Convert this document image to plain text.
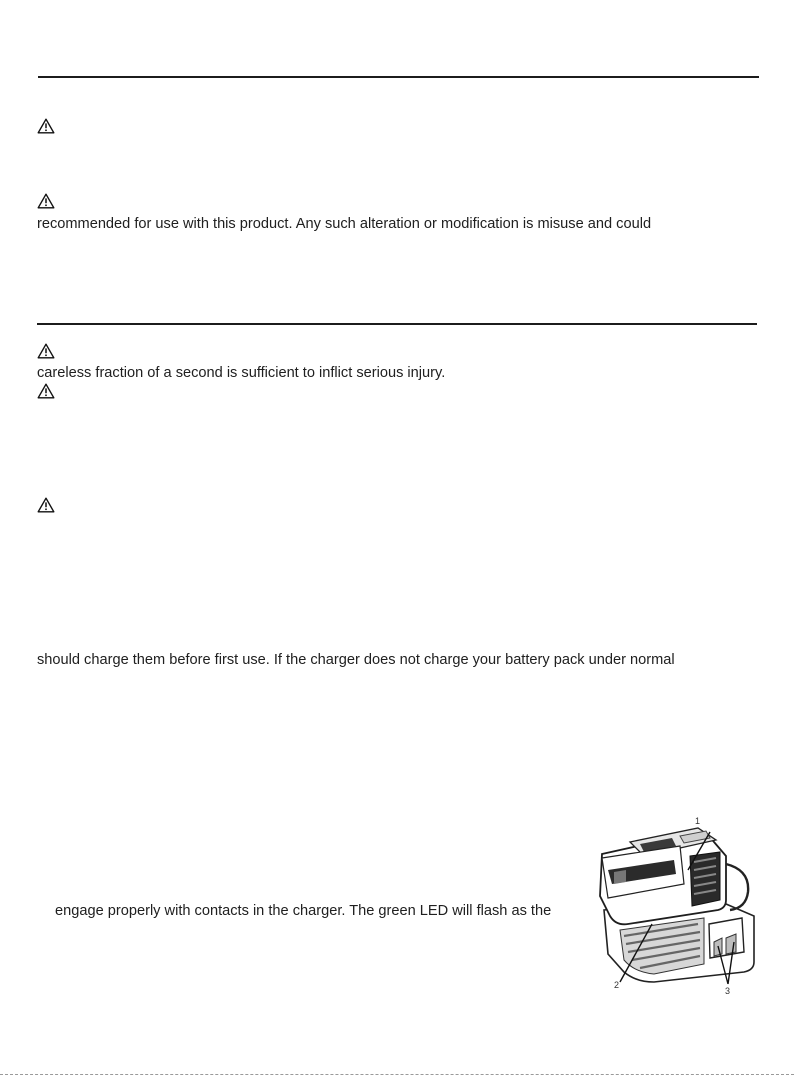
recommended for use with this product. Any such alteration or modification is misuse and could
careless fraction of a second is sufficient to inflict serious injury.
should charge them before first use. If the charger does not charge your battery pack under normal
engage properly with contacts in the charger. The green LED will flash as the
1
2
3
